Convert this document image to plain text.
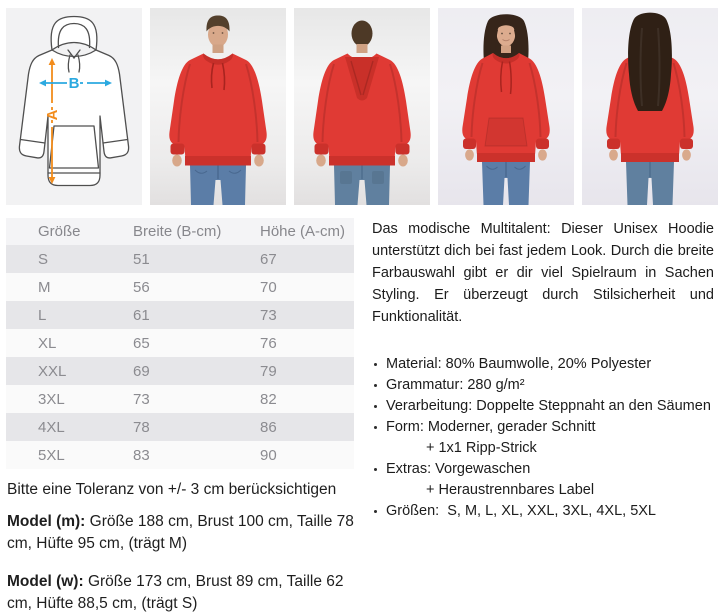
A
B
Größe	Breite (B-cm)	Höhe (A-cm)
S	51	67
M	56	70
L	61	73
XL	65	76
XXL	69	79
3XL	73	82
4XL	78	86
5XL	83	90

Bitte eine Toleranz von +/- 3 cm berücksichtigen

Model (m): Größe 188 cm, Brust 100 cm, Taille 78 cm, Hüfte 95 cm, (trägt M)

Model (w): Größe 173 cm, Brust 89 cm, Taille 62 cm, Hüfte 88,5 cm, (trägt S)

Das modische Multitalent: Dieser Unisex Hoodie unterstützt dich bei fast jedem Look. Durch die breite Farbauswahl gibt er dir viel Spielraum in Sachen Styling. Er überzeugt durch Stilsicherheit und Funktionalität.

Material: 80% Baumwolle, 20% Polyester
Grammatur: 280 g/m²
Verarbeitung: Doppelte Steppnaht an den Säumen
Form: Moderner, gerader Schnitt
+ 1x1 Ripp-Strick
Extras: Vorgewaschen
+ Heraustrennbares Label
Größen:  S, M, L, XL, XXL, 3XL, 4XL, 5XL
